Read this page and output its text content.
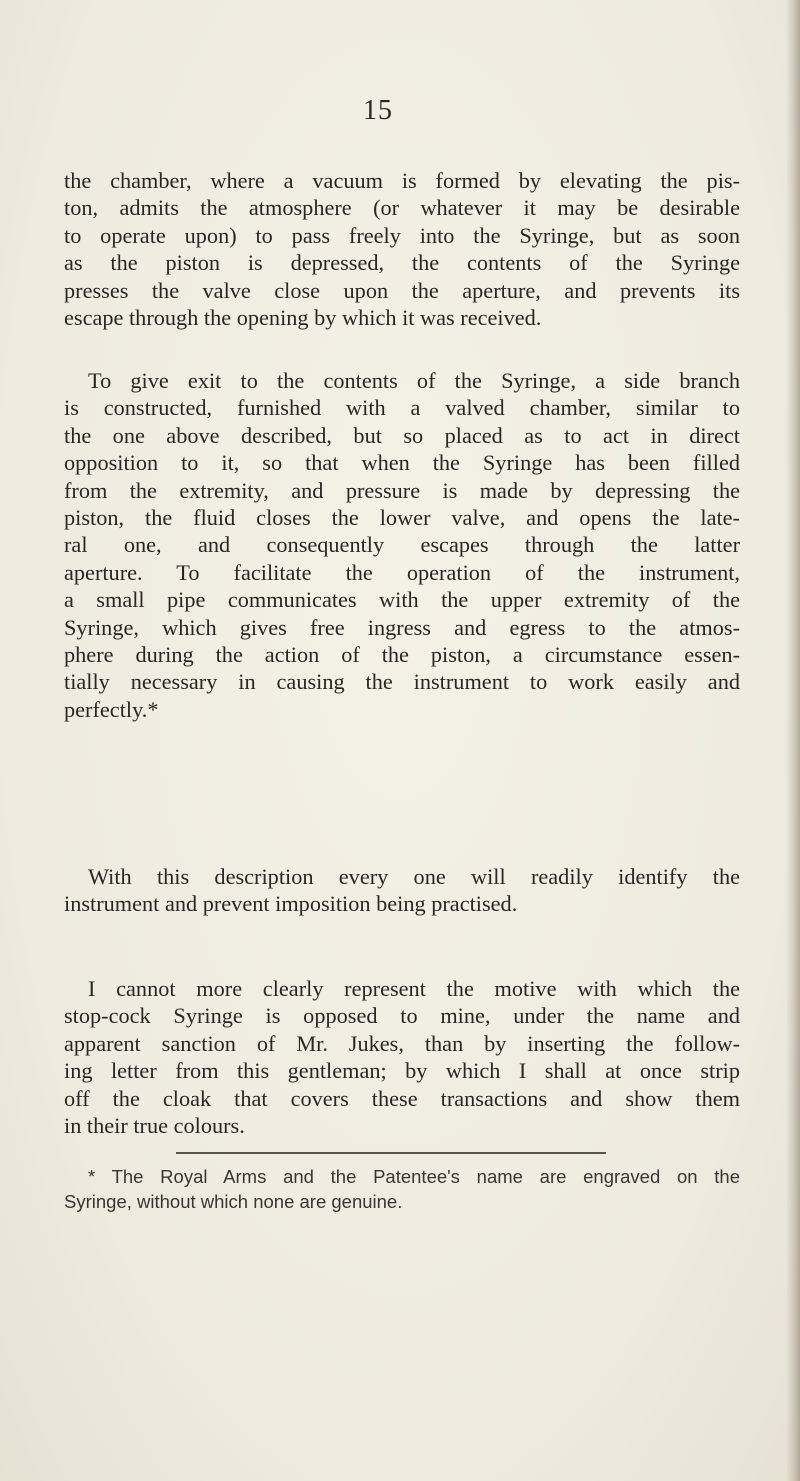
15
the chamber, where a vacuum is formed by elevating the pis-
ton, admits the atmosphere (or whatever it may be desirable
to operate upon) to pass freely into the Syringe, but as soon
as the piston is depressed, the contents of the Syringe
presses the valve close upon the aperture, and prevents its
escape through the opening by which it was received.
To give exit to the contents of the Syringe, a side branch
is constructed, furnished with a valved chamber, similar to
the one above described, but so placed as to act in direct
opposition to it, so that when the Syringe has been filled
from the extremity, and pressure is made by depressing the
piston, the fluid closes the lower valve, and opens the late-
ral one, and consequently escapes through the latter
aperture. To facilitate the operation of the instrument,
a small pipe communicates with the upper extremity of the
Syringe, which gives free ingress and egress to the atmos-
phere during the action of the piston, a circumstance essen-
tially necessary in causing the instrument to work easily and
perfectly.*
With this description every one will readily identify the
instrument and prevent imposition being practised.
I cannot more clearly represent the motive with which the
stop-cock Syringe is opposed to mine, under the name and
apparent sanction of Mr. Jukes, than by inserting the follow-
ing letter from this gentleman; by which I shall at once strip
off the cloak that covers these transactions and show them
in their true colours.
* The Royal Arms and the Patentee's name are engraved on the
Syringe, without which none are genuine.
